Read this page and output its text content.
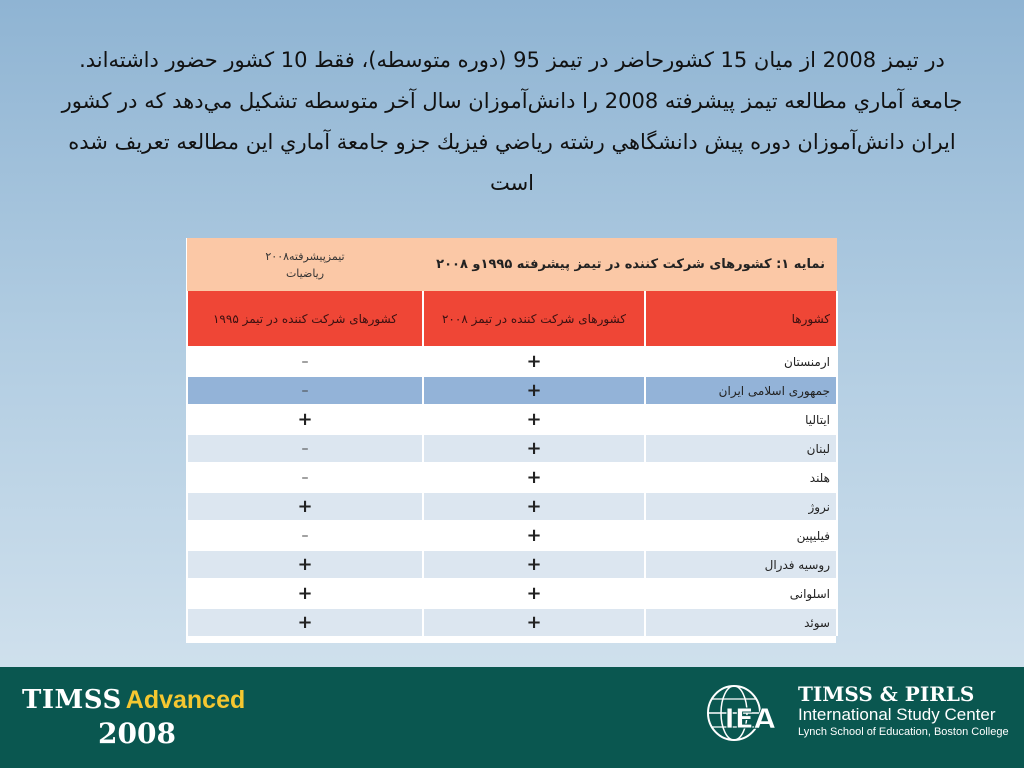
در تیمز 2008 از میان 15 کشورحاضر در تیمز 95 (دوره متوسطه)، فقط 10 کشور حضور داشته‌اند. جامعة آماري مطالعه تیمز پیشرفته 2008 را دانش‌آموزان سال آخر متوسطه تشکیل مي‌دهد که در کشور ایران دانش‌آموزان دوره پیش دانشگاهي رشته رياضي فيزيك جزو جامعة آماري اين مطالعه تعريف شده است
نمایه ۱: کشورهای شرکت کننده در تیمز پیشرفته ۱۹۹۵و ۲۰۰۸		تیمزپیشرفته۲۰۰۸
ریاضیات

کشورها	کشورهای شرکت کننده در تیمز ۲۰۰۸	کشورهای شرکت کننده در تیمز ۱۹۹۵
ارمنستان	+	–
جمهوری اسلامی ایران	+	–
ایتالیا	+	+
لبنان	+	–
هلند	+	–
نروژ	+	+
فیلیپین	+	–
روسیه فدرال	+	+
اسلوانی	+	+
سوئد	+	+
TIMSS Advanced
2008	IEA
TIMSS & PIRLS
International Study Center
Lynch School of Education, Boston College
